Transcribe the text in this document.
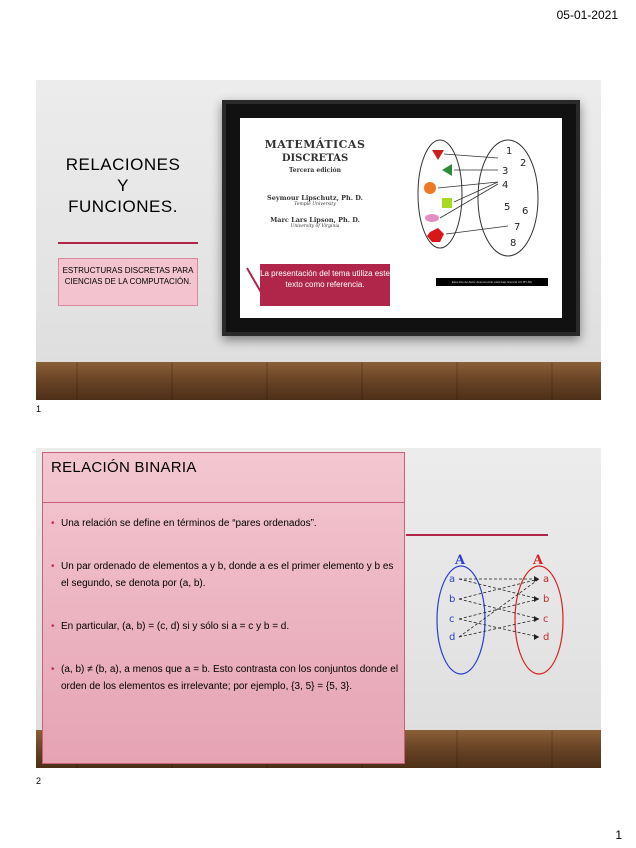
05-01-2021
RELACIONES
Y
FUNCIONES.
ESTRUCTURAS DISCRETAS PARA CIENCIAS DE LA COMPUTACIÓN.
MATEMÁTICAS
DISCRETAS
Tercera edición
Seymour Lipschutz, Ph. D.
Temple University
Marc Lars Lipson, Ph. D.
University of Virginia
1
2
3
4
5 6
7
8
La presentación del tema utiliza este texto como referencia.	Esta foto de Autor desconocido está bajo licencia CC BY-NC
1
A	A
a
b
c
d
a
b
c
d
RELACIÓN BINARIA
• Una relación se define en términos de “pares ordenados”.
• Un par ordenado de elementos a y b, donde a es el primer elemento y b es el segundo, se denota por (a, b).
• En particular, (a, b) = (c, d) si y sólo si a = c y b = d.
• (a, b) ≠ (b, a), a menos que a = b. Esto contrasta con los conjuntos donde el orden de los elementos es irrelevante; por ejemplo, {3, 5} = {5, 3}.
2
1
